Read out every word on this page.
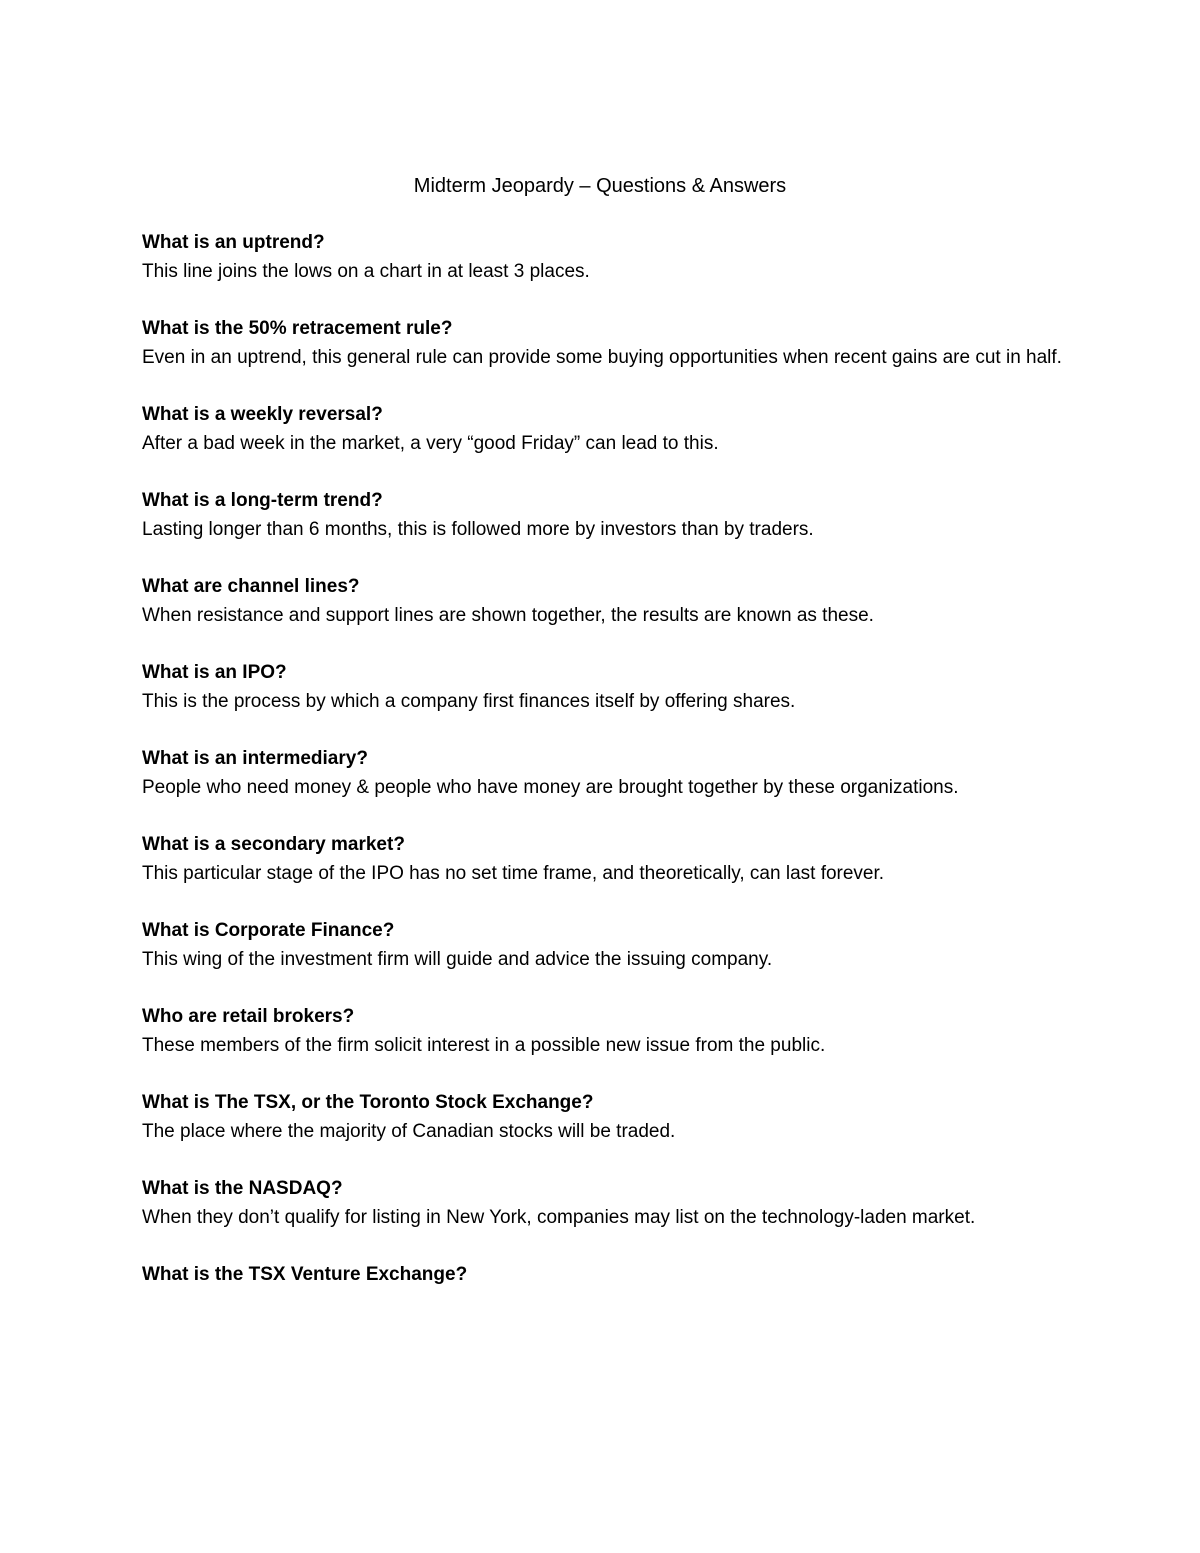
Midterm Jeopardy – Questions & Answers

What is an uptrend?

This line joins the lows on a chart in at least 3 places.

What is the 50% retracement rule?

Even in an uptrend, this general rule can provide some buying opportunities when recent gains are cut in half.

What is a weekly reversal?

After a bad week in the market, a very “good Friday” can lead to this.

What is a long-term trend?

Lasting longer than 6 months, this is followed more by investors than by traders.

What are channel lines?

When resistance and support lines are shown together, the results are known as these.

What is an IPO?

This is the process by which a company first finances itself by offering shares.

What is an intermediary?

People who need money & people who have money are brought together by these organizations.

What is a secondary market?

This particular stage of the IPO has no set time frame, and theoretically, can last forever.

What is Corporate Finance?

This wing of the investment firm will guide and advice the issuing company.

Who are retail brokers?

These members of the firm solicit interest in a possible new issue from the public.

What is The TSX, or the Toronto Stock Exchange?

The place where the majority of Canadian stocks will be traded.

What is the NASDAQ?

When they don’t qualify for listing in New York, companies may list on the technology-laden market.

What is the TSX Venture Exchange?
